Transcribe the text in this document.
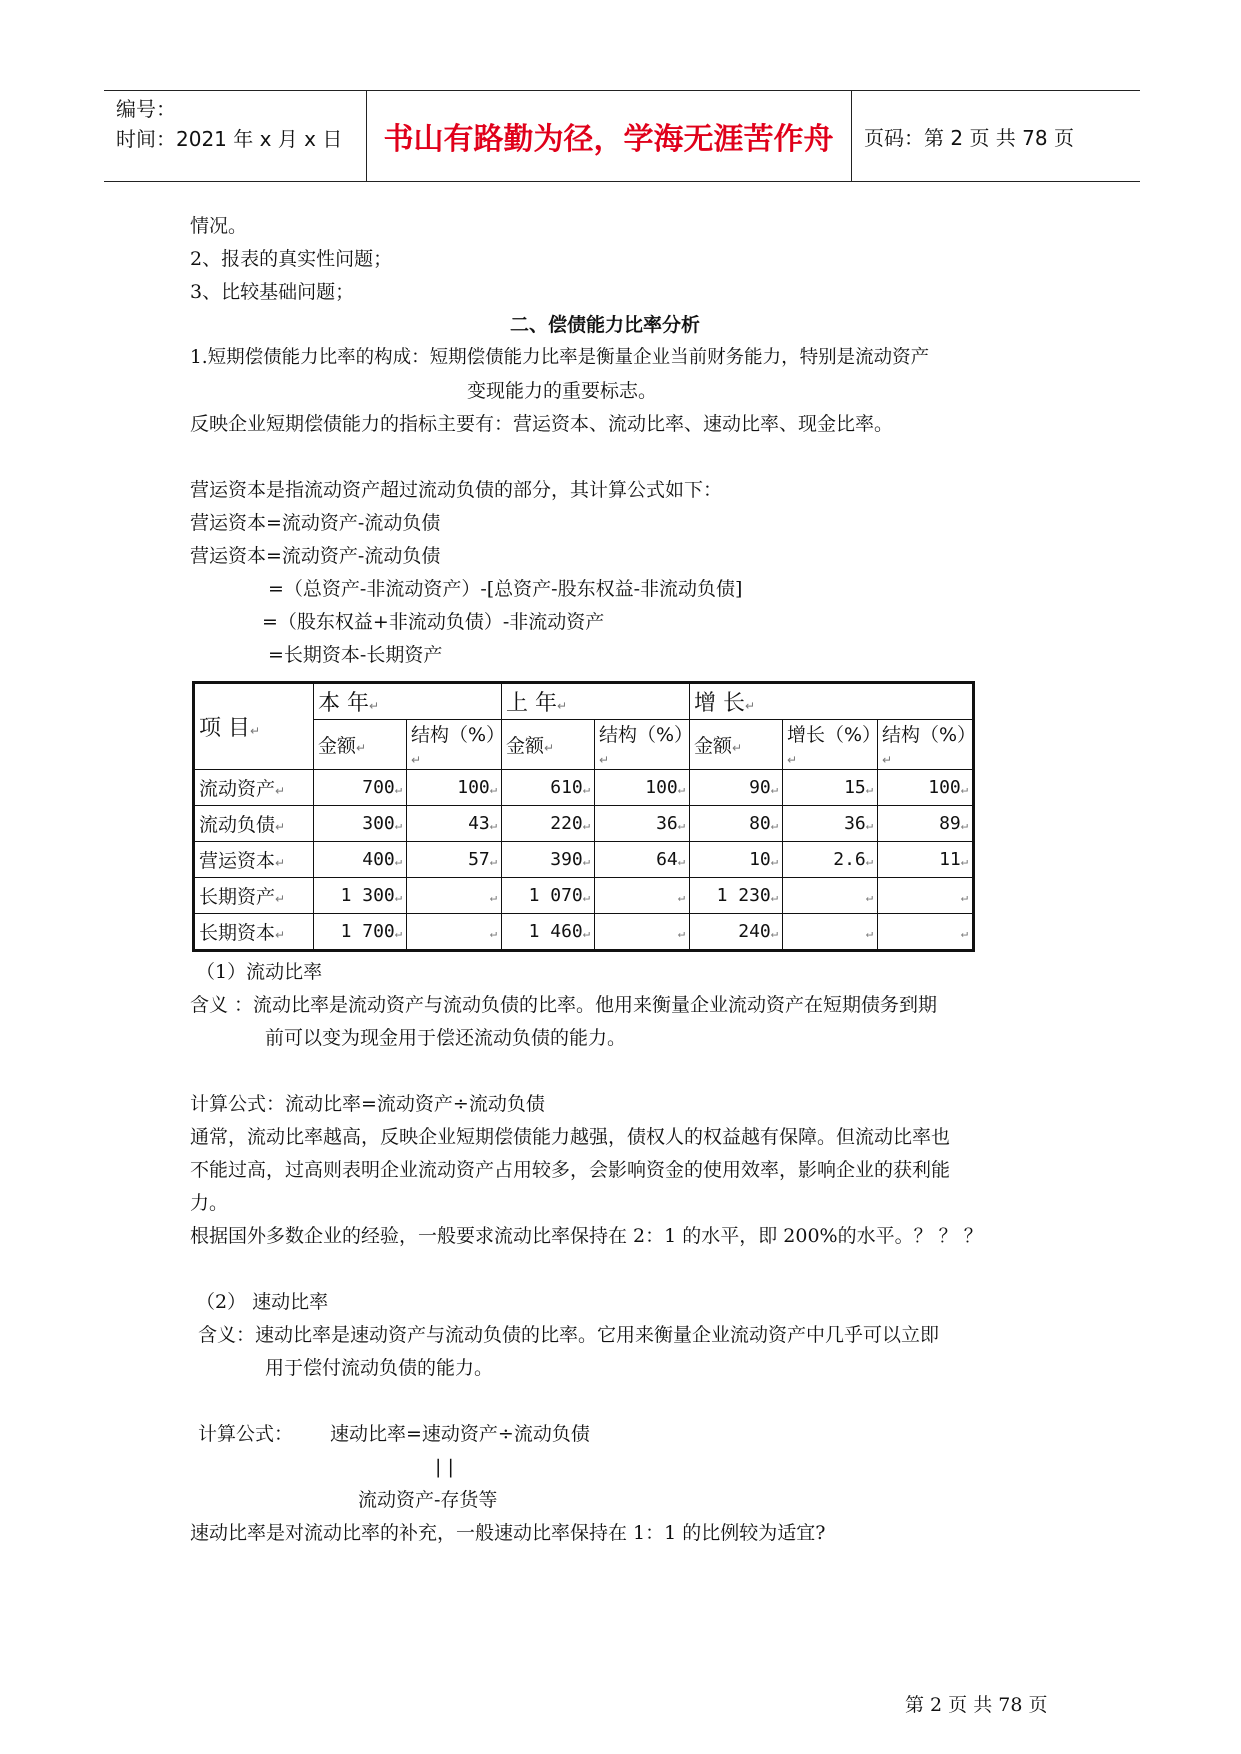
编号：
时间：2021 年 x 月 x 日	书山有路勤为径，学海无涯苦作舟	页码：第 2 页 共 78 页
情况。
2、报表的真实性问题；
3、比较基础问题；
二、偿债能力比率分析
1.短期偿债能力比率的构成：短期偿债能力比率是衡量企业当前财务能力，特别是流动资产
变现能力的重要标志。
反映企业短期偿债能力的指标主要有：营运资本、流动比率、速动比率、现金比率。
营运资本是指流动资产超过流动负债的部分，其计算公式如下：
营运资本=流动资产-流动负债
营运资本=流动资产-流动负债
=（总资产-非流动资产）-[总资产-股东权益-非流动负债]
=（股东权益+非流动负债）-非流动资产
=长期资本-长期资产
项 目↵	本 年↵		上 年↵		增 长↵		
	金额↵	结构（%）↵	金额↵	结构（%）↵	金额↵	增长（%）↵	结构（%）↵
流动资产↵	700↵	100↵	610↵	100↵	90↵	15↵	100↵
流动负债↵	300↵	43↵	220↵	36↵	80↵	36↵	89↵
营运资本↵	400↵	57↵	390↵	64↵	10↵	2.6↵	11↵
长期资产↵	1 300↵	↵	1 070↵	↵	1 230↵	↵	↵
长期资本↵	1 700↵	↵	1 460↵	↵	240↵	↵	↵
（1）流动比率
含义 ：流动比率是流动资产与流动负债的比率。他用来衡量企业流动资产在短期债务到期
前可以变为现金用于偿还流动负债的能力。
计算公式：流动比率=流动资产÷流动负债
通常，流动比率越高，反映企业短期偿债能力越强，债权人的权益越有保障。但流动比率也
不能过高，过高则表明企业流动资产占用较多，会影响资金的使用效率，影响企业的获利能
力。
根据国外多数企业的经验，一般要求流动比率保持在 2：1 的水平，即 200%的水平。？ ？ ？
（2） 速动比率
含义：速动比率是速动资产与流动负债的比率。它用来衡量企业流动资产中几乎可以立即
用于偿付流动负债的能力。
计算公式： 速动比率=速动资产÷流动负债
| |
流动资产-存货等
速动比率是对流动比率的补充，一般速动比率保持在 1：1 的比例较为适宜?
第 2 页 共 78 页
